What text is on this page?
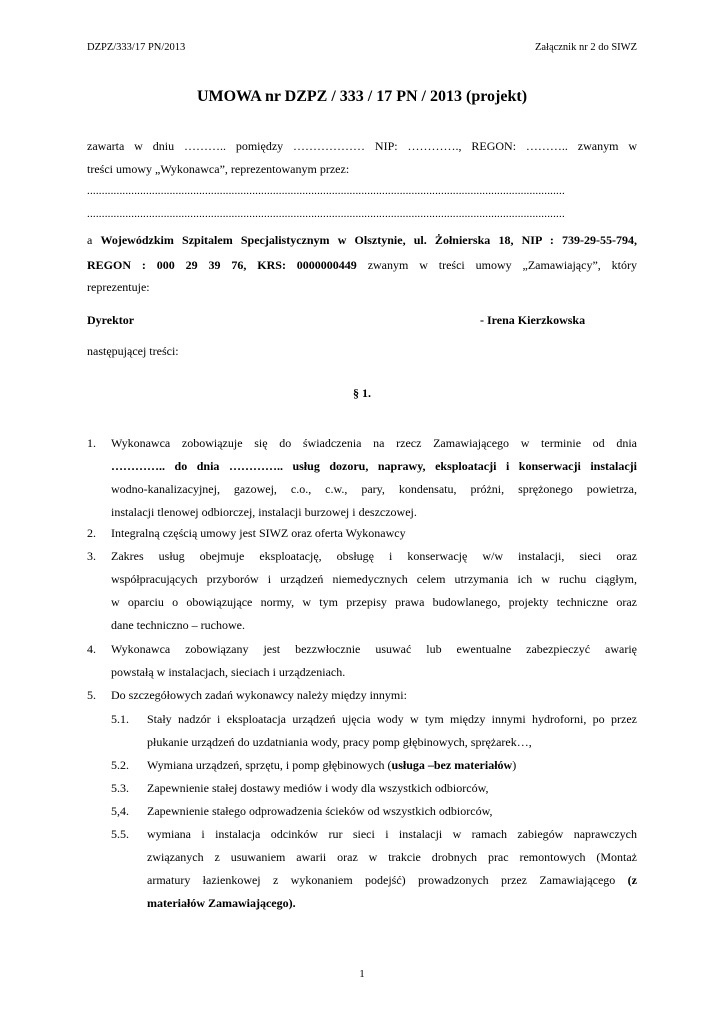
DZPZ/333/17 PN/2013	Załącznik nr 2 do SIWZ
UMOWA nr DZPZ / 333 / 17 PN / 2013 (projekt)
zawarta w dniu ……….. pomiędzy ……………… NIP: …………., REGON: ……….. zwanym w
treści umowy „Wykonawca”, reprezentowanym przez:
..................................................................................................................................................................
..................................................................................................................................................................
a Wojewódzkim Szpitalem Specjalistycznym w Olsztynie, ul. Żołnierska 18, NIP : 739-29-55-794,
REGON : 000 29 39 76, KRS: 0000000449 zwanym w treści umowy „Zamawiający”, który
reprezentuje:
Dyrektor	- Irena Kierzkowska
następującej treści:
§ 1.
1. Wykonawca zobowiązuje się do świadczenia na rzecz Zamawiającego w terminie od dnia
………….. do dnia ………….. usług dozoru, naprawy, eksploatacji i konserwacji instalacji
wodno-kanalizacyjnej, gazowej, c.o., c.w., pary, kondensatu, próżni, sprężonego powietrza,
instalacji tlenowej odbiorczej, instalacji burzowej i deszczowej.
2. Integralną częścią umowy jest SIWZ oraz oferta Wykonawcy
3. Zakres usług obejmuje eksploatację, obsługę i konserwację w/w instalacji, sieci oraz
współpracujących przyborów i urządzeń niemedycznych celem utrzymania ich w ruchu ciągłym,
w oparciu o obowiązujące normy, w tym przepisy prawa budowlanego, projekty techniczne oraz
dane techniczno – ruchowe.
4. Wykonawca zobowiązany jest bezzwłocznie usuwać lub ewentualne zabezpieczyć awarię
powstałą w instalacjach, sieciach i urządzeniach.
5. Do szczegółowych zadań wykonawcy należy między innymi:
5.1. Stały nadzór i eksploatacja urządzeń ujęcia wody w tym między innymi hydroforni, po przez
płukanie urządzeń do uzdatniania wody, pracy pomp głębinowych, sprężarek…,
5.2. Wymiana urządzeń, sprzętu, i pomp głębinowych (usługa –bez materiałów)
5.3. Zapewnienie stałej dostawy mediów i wody dla wszystkich odbiorców,
5,4. Zapewnienie stałego odprowadzenia ścieków od wszystkich odbiorców,
5.5. wymiana i instalacja odcinków rur sieci i instalacji w ramach zabiegów naprawczych
związanych z usuwaniem awarii oraz w trakcie drobnych prac remontowych (Montaż
armatury łazienkowej z wykonaniem podejść) prowadzonych przez Zamawiającego (z
materiałów Zamawiającego).
1
